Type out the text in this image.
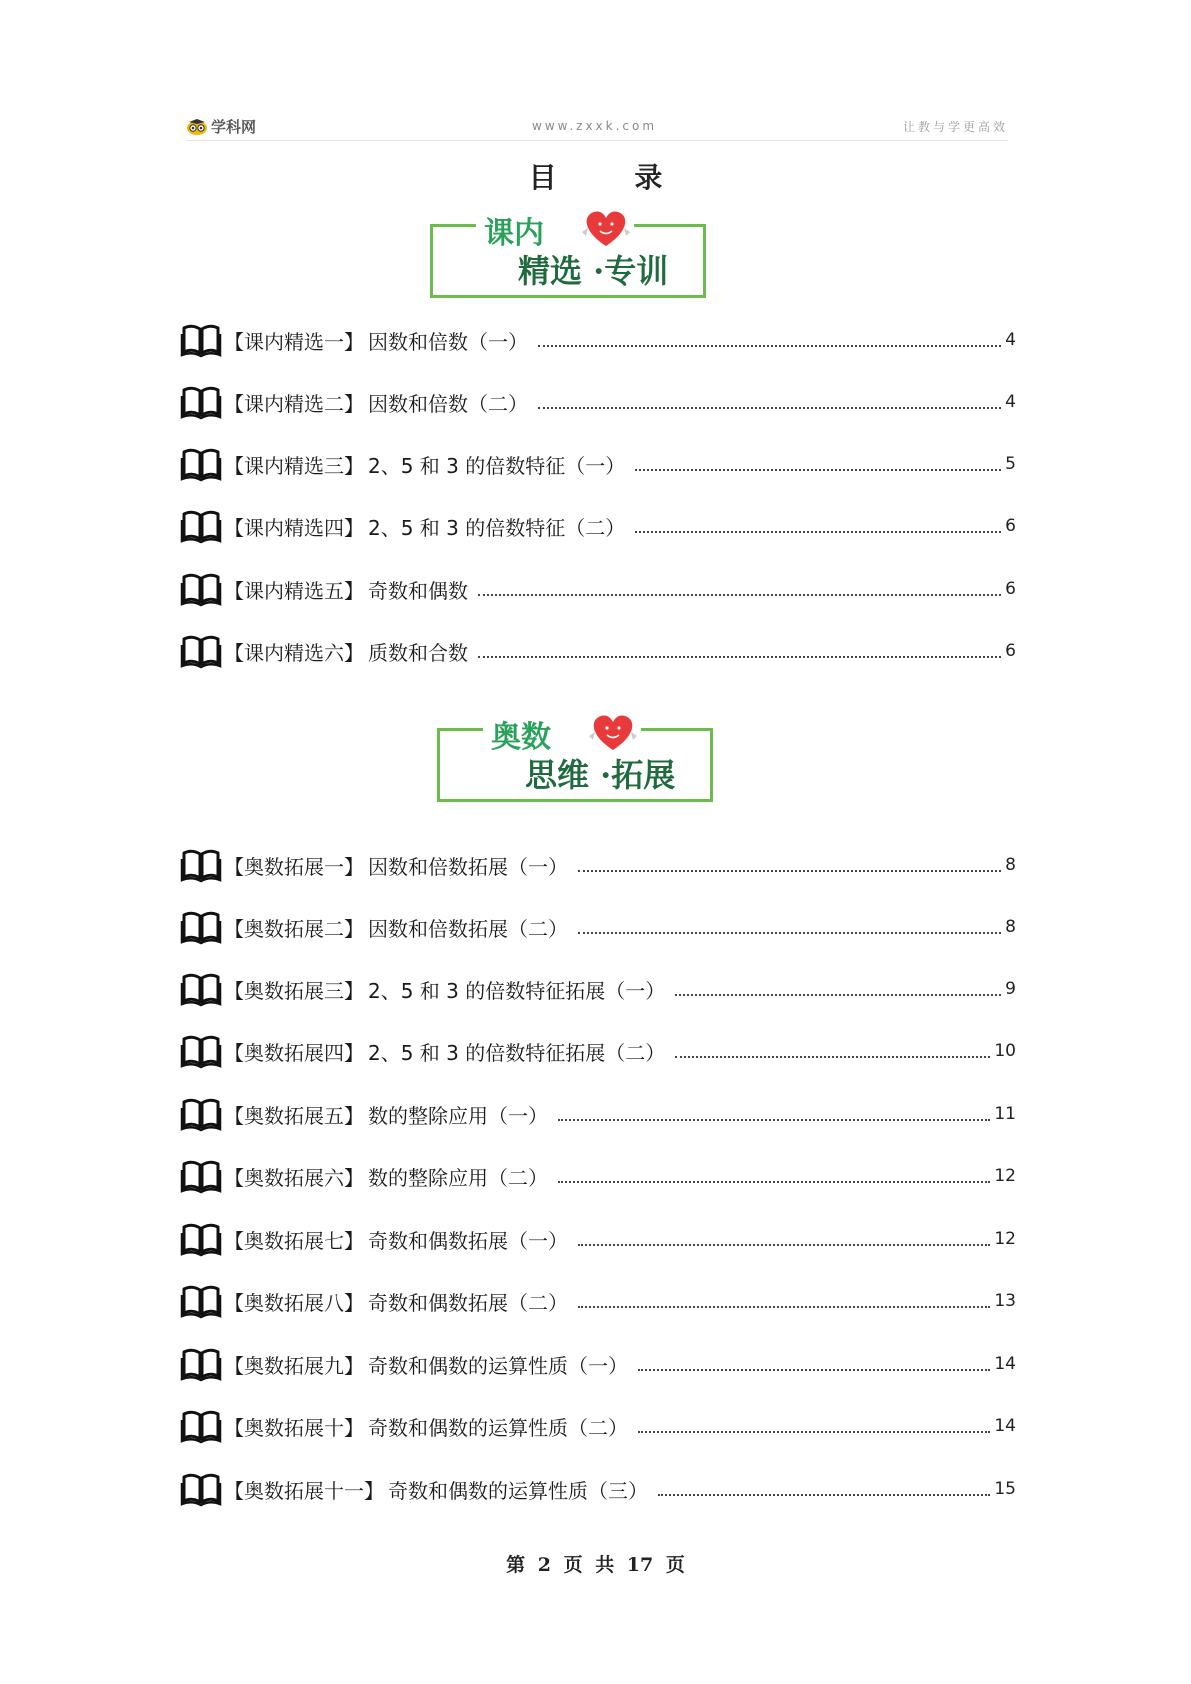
学科网	www.zxxk.com	让教与学更高效
目 录
课内
精选 ·专训
【课内精选一】 因数和倍数（一）	4
【课内精选二】 因数和倍数（二）	4
【课内精选三】 2、5 和 3 的倍数特征（一）	5
【课内精选四】 2、5 和 3 的倍数特征（二）	6
【课内精选五】 奇数和偶数	6
【课内精选六】 质数和合数	6
奥数
思维 ·拓展
【奥数拓展一】 因数和倍数拓展（一）	8
【奥数拓展二】 因数和倍数拓展（二）	8
【奥数拓展三】 2、5 和 3 的倍数特征拓展（一）	9
【奥数拓展四】 2、5 和 3 的倍数特征拓展（二）	10
【奥数拓展五】 数的整除应用（一）	11
【奥数拓展六】 数的整除应用（二）	12
【奥数拓展七】 奇数和偶数拓展（一）	12
【奥数拓展八】 奇数和偶数拓展（二）	13
【奥数拓展九】 奇数和偶数的运算性质（一）	14
【奥数拓展十】 奇数和偶数的运算性质（二）	14
【奥数拓展十一】 奇数和偶数的运算性质（三）	15
第 2 页 共 17 页
